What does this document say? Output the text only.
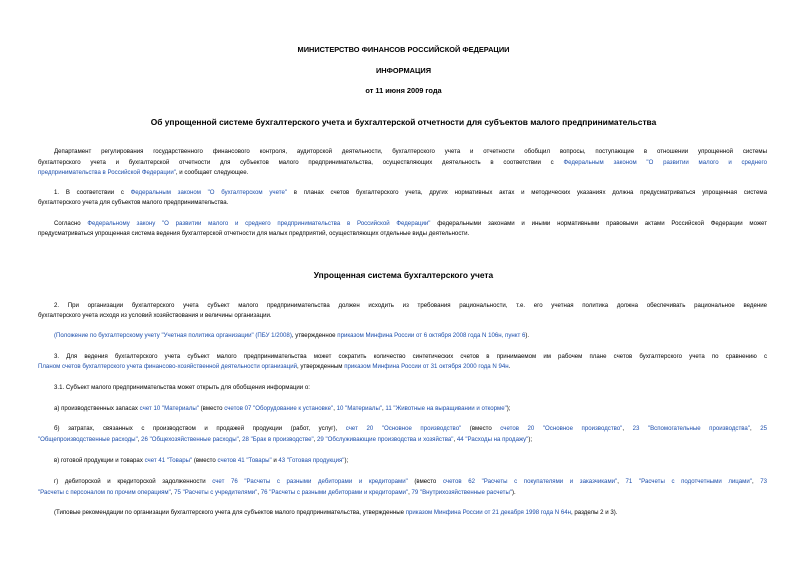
МИНИСТЕРСТВО ФИНАНСОВ РОССИЙСКОЙ ФЕДЕРАЦИИ
ИНФОРМАЦИЯ
от 11 июня 2009 года
Об упрощенной системе бухгалтерского учета и бухгалтерской отчетности для субъектов малого предпринимательства
Департамент регулирования государственного финансового контроля, аудиторской деятельности, бухгалтерского учета и отчетности обобщил вопросы, поступающие в отношении упрощенной системы
бухгалтерского учета и бухгалтерской отчетности для субъектов малого предпринимательства, осуществляющих деятельность в соответствии с Федеральным законом "О развитии малого и среднего
предпринимательства в Российской Федерации", и сообщает следующее.
1. В соответствии с Федеральным законом "О бухгалтерском учете" в планах счетов бухгалтерского учета, других нормативных актах и методических указаниях должна предусматриваться упрощенная система
бухгалтерского учета для субъектов малого предпринимательства.
Согласно Федеральному закону "О развитии малого и среднего предпринимательства в Российской Федерации" федеральными законами и иными нормативными правовыми актами Российской Федерации может
предусматриваться упрощенная система ведения бухгалтерской отчетности для малых предприятий, осуществляющих отдельные виды деятельности.
Упрощенная система бухгалтерского учета
2. При организации бухгалтерского учета субъект малого предпринимательства должен исходить из требования рациональности, т.е. его учетная политика должна обеспечивать рациональное ведение
бухгалтерского учета исходя из условий хозяйствования и величины организации.
(Положение по бухгалтерскому учету "Учетная политика организации" (ПБУ 1/2008), утвержденное приказом Минфина России от 6 октября 2008 года N 106н, пункт 6).
3. Для ведения бухгалтерского учета субъект малого предпринимательства может сократить количество синтетических счетов в принимаемом им рабочем плане счетов бухгалтерского учета по сравнению с
Планом счетов бухгалтерского учета финансово-хозяйственной деятельности организаций, утвержденным приказом Минфина России от 31 октября 2000 года N 94н.
3.1. Субъект малого предпринимательства может открыть для обобщения информации о:
а) производственных запасах счет 10 "Материалы" (вместо счетов 07 "Оборудование к установке", 10 "Материалы", 11 "Животные на выращивании и откорме");
б) затратах, связанных с производством и продажей продукции (работ, услуг), счет 20 "Основное производство" (вместо счетов 20 "Основное производство", 23 "Вспомогательные производства", 25
"Общепроизводственные расходы", 26 "Общехозяйственные расходы", 28 "Брак в производстве", 29 "Обслуживающие производства и хозяйства", 44 "Расходы на продажу");
в) готовой продукции и товарах счет 41 "Товары" (вместо счетов 41 "Товары" и 43 "Готовая продукция");
г) дебиторской и кредиторской задолженности счет 76 "Расчеты с разными дебиторами и кредиторами" (вместо счетов 62 "Расчеты с покупателями и заказчиками", 71 "Расчеты с подотчетными лицами", 73
"Расчеты с персоналом по прочим операциям", 75 "Расчеты с учредителями", 76 "Расчеты с разными дебиторами и кредиторами", 79 "Внутрихозяйственные расчеты").
(Типовые рекомендации по организации бухгалтерского учета для субъектов малого предпринимательства, утвержденные приказом Минфина России от 21 декабря 1998 года N 64н, разделы 2 и 3).
